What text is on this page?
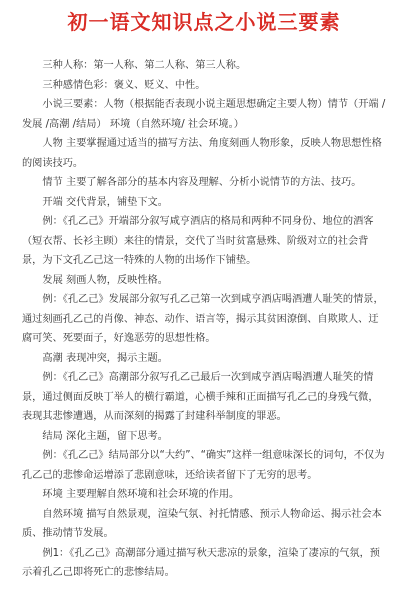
初一语文知识点之小说三要素

三种人称：第一人称、第二人称、第三人称。

三种感情色彩：褒义、贬义、中性。

小说三要素：人物（根据能否表现小说主题思想确定主要人物）情节（开端 /发展 /高潮 /结局） 环境（自然环境/ 社会环境。）

人物 主要掌握通过适当的描写方法、角度刻画人物形象，反映人物思想性格的阅读技巧。

情节 主要了解各部分的基本内容及理解、分析小说情节的方法、技巧。

开端 交代背景，铺垫下文。

例：《孔乙己》开端部分叙写咸亨酒店的格局和两种不同身份、地位的酒客（短衣帮、长衫主顾）来往的情景，交代了当时贫富悬殊、阶级对立的社会背景，为下文孔乙己这一特殊的人物的出场作下铺垫。

发展 刻画人物，反映性格。

例：《孔乙己》发展部分叙写孔乙己第一次到咸亨酒店喝酒遭人耻笑的情景，通过刻画孔乙己的肖像、神态、动作、语言等，揭示其贫困潦倒、自欺欺人、迂腐可笑、死要面子，好逸恶劳的思想性格。

高潮 表现冲突，揭示主题。

例：《孔乙己》高潮部分叙写孔乙己最后一次到咸亨酒店喝酒遭人耻笑的情景，通过侧面反映丁举人的横行霸道，心横手辣和正面描写孔乙己的身残气微，表现其悲惨遭遇，从而深刻的揭露了封建科举制度的罪恶。

结局 深化主题，留下思考。

例：《孔乙己》结局部分以“大约”、“确实”这样一组意味深长的词句，不仅为孔乙己的悲惨命运增添了悲剧意味，还给读者留下了无穷的思考。

环境 主要理解自然环境和社会环境的作用。

自然环境 描写自然景观，渲染气氛、衬托情感、预示人物命运、揭示社会本质、推动情节发展。

例1：《孔乙己》高潮部分通过描写秋天悲凉的景象，渲染了凄凉的气氛，预示着孔乙己即将死亡的悲惨结局。
